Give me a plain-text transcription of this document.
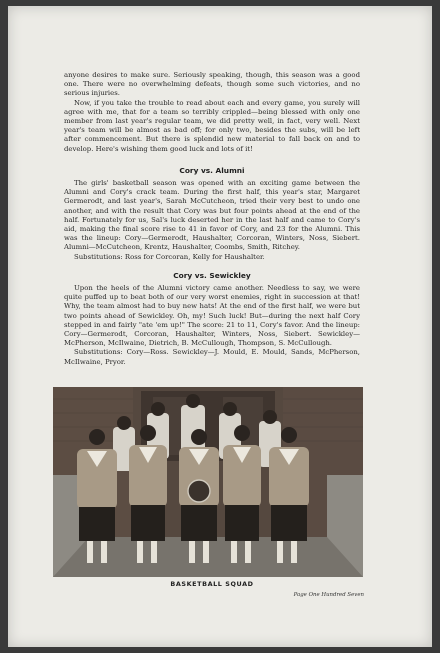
anyone desires to make sure. Seriously speaking, though, this season was a good one. There were no overwhelming defeats, though some such victories, and no serious injuries.

Now, if you take the trouble to read about each and every game, you surely will agree with me, that for a team so terribly crippled—being blessed with only one member from last year's regular team, we did pretty well, in fact, very well. Next year's team will be almost as bad off; for only two, besides the subs, will be left after commencement. But there is splendid new material to fall back on and to develop. Here's wishing them good luck and lots of it!

Cory vs. Alumni

The girls' basketball season was opened with an exciting game between the Alumni and Cory's crack team. During the first half, this year's star, Margaret Germerodt, and last year's, Sarah McCutcheon, tried their very best to undo one another, and with the result that Cory was but four points ahead at the end of the half. Fortunately for us, Sal's luck deserted her in the last half and came to Cory's aid, making the final score rise to 41 in favor of Cory, and 23 for the Alumni. This was the lineup: Cory—Germerodt, Haushalter, Corcoran, Winters, Noss, Siebert. Alumni—McCutcheon, Krentz, Haushalter, Coombs, Smith, Ritchey.

Substitutions: Ross for Corcoran, Kelly for Haushalter.

Cory vs. Sewickley

Upon the heels of the Alumni victory came another. Needless to say, we were quite puffed up to beat both of our very worst enemies, right in succession at that! Why, the team almost had to buy new hats! At the end of the first half, we were but two points ahead of Sewickley. Oh, my! Such luck! But—during the next half Cory stepped in and fairly "ate 'em up!" The score: 21 to 11, Cory's favor. And the lineup: Cory—Germerodt, Corcoran, Haushalter, Winters, Noss, Siebert. Sewickley—McPherson, McIlwaine, Dietrich, B. McCullough, Thompson, S. McCullough.

Substitutions: Cory—Ross. Sewickley—J. Mould, E. Mould, Sands, McPherson, McIlwaine, Pryor.

BASKETBALL SQUAD
Page One Hundred Seven
